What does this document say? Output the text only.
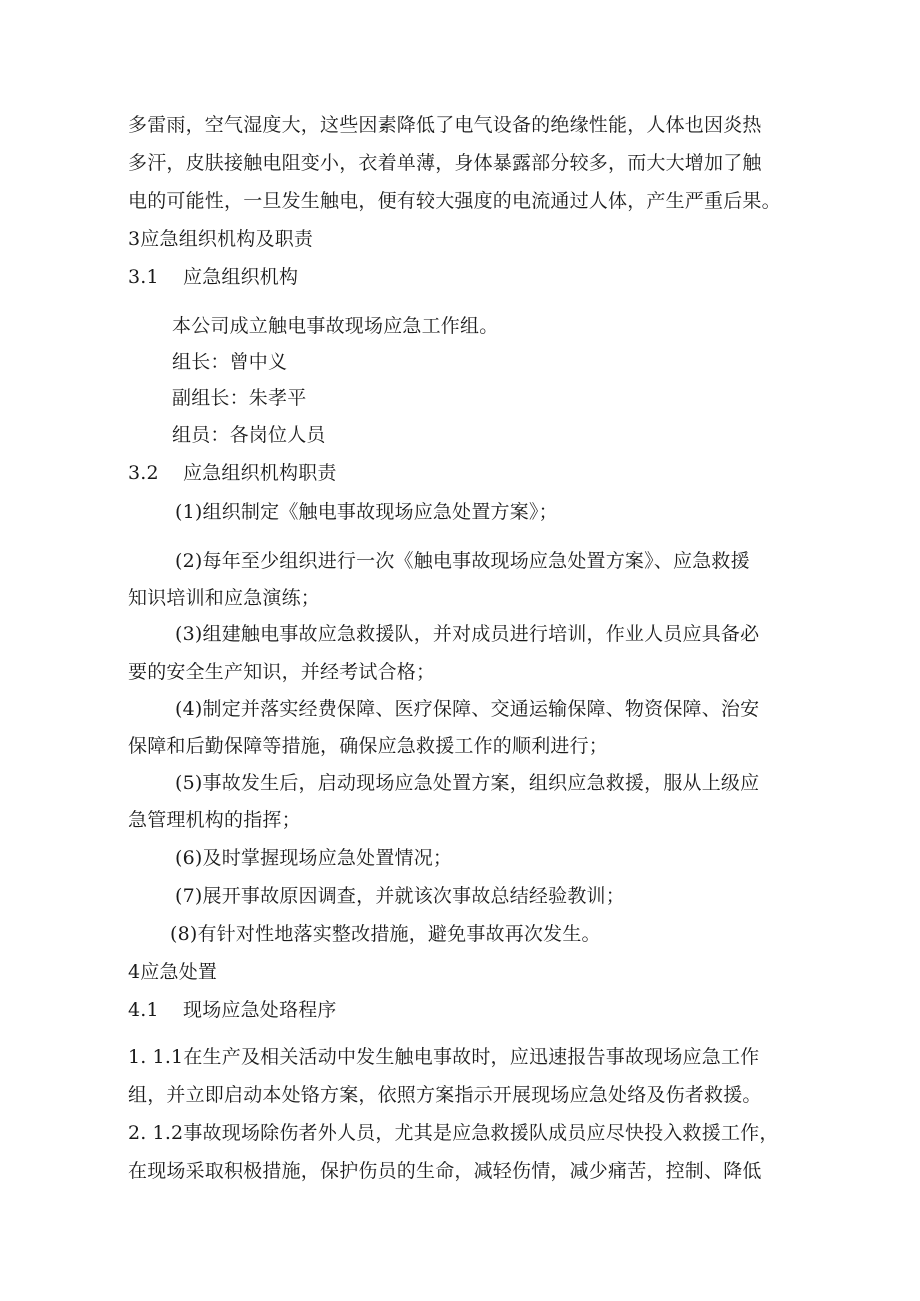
多雷雨，空气湿度大，这些因素降低了电气设备的绝缘性能，人体也因炎热
多汗，皮肤接触电阻变小，衣着单薄，身体暴露部分较多，而大大增加了触
电的可能性，一旦发生触电，便有较大强度的电流通过人体，产生严重后果。
3应急组织机构及职责
3.1 应急组织机构
本公司成立触电事故现场应急工作组。
组长：曾中义
副组长：朱孝平
组员：各岗位人员
3.2 应急组织机构职责
(1)组织制定《触电事故现场应急处置方案》；
(2)每年至少组织进行一次《触电事故现场应急处置方案》、应急救援
知识培训和应急演练；
(3)组建触电事故应急救援队，并对成员进行培训，作业人员应具备必
要的安全生产知识，并经考试合格；
(4)制定并落实经费保障、医疗保障、交通运输保障、物资保障、治安
保障和后勤保障等措施，确保应急救援工作的顺利进行；
(5)事故发生后，启动现场应急处置方案，组织应急救援，服从上级应
急管理机构的指挥；
(6)及时掌握现场应急处置情况；
(7)展开事故原因调查，并就该次事故总结经验教训；
(8)有针对性地落实整改措施，避免事故再次发生。
4应急处置
4.1 现场应急处珞程序
1. 1.1在生产及相关活动中发生触电事故时，应迅速报告事故现场应急工作
组，并立即启动本处铬方案，依照方案指示开展现场应急处络及伤者救援。
2. 1.2事故现场除伤者外人员，尤其是应急救援队成员应尽快投入救援工作，
在现场采取积极措施，保护伤员的生命，减轻伤情，减少痛苦，控制、降低
